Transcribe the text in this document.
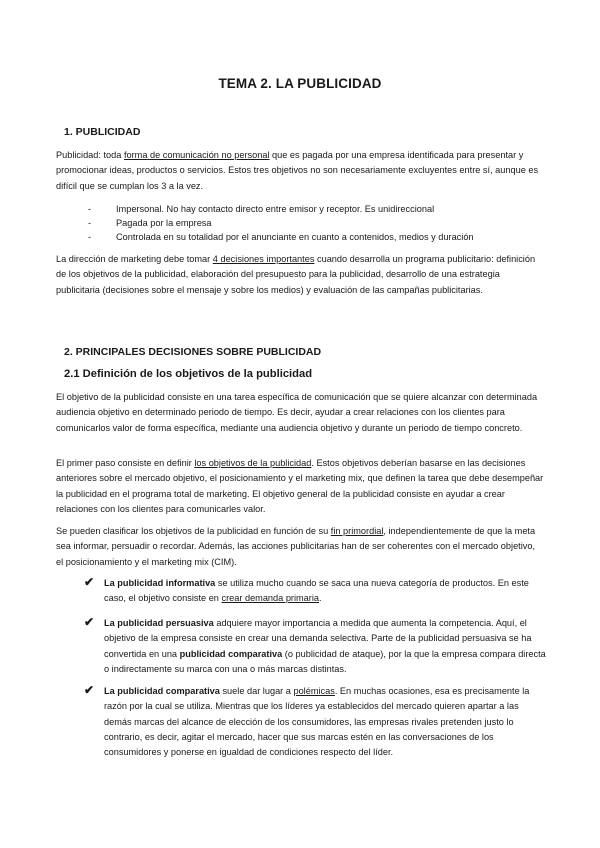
TEMA 2. LA PUBLICIDAD
1. PUBLICIDAD
Publicidad: toda forma de comunicación no personal que es pagada por una empresa identificada para presentar y promocionar ideas, productos o servicios. Estos tres objetivos no son necesariamente excluyentes entre sí, aunque es difícil que se cumplan los 3 a la vez.
-	Impersonal. No hay contacto directo entre emisor y receptor. Es unidireccional
-	Pagada por la empresa
-	Controlada en su totalidad por el anunciante en cuanto a contenidos, medios y duración
La dirección de marketing debe tomar 4 decisiones importantes cuando desarrolla un programa publicitario: definición de los objetivos de la publicidad, elaboración del presupuesto para la publicidad, desarrollo de una estrategia publicitaria (decisiones sobre el mensaje y sobre los medios) y evaluación de las campañas publicitarias.
2. PRINCIPALES DECISIONES SOBRE PUBLICIDAD
2.1 Definición de los objetivos de la publicidad
El objetivo de la publicidad consiste en una tarea específica de comunicación que se quiere alcanzar con determinada audiencia objetivo en determinado periodo de tiempo. Es decir, ayudar a crear relaciones con los clientes para comunicarlos valor de forma específica, mediante una audiencia objetivo y durante un periodo de tiempo concreto.
El primer paso consiste en definir los objetivos de la publicidad. Estos objetivos deberían basarse en las decisiones anteriores sobre el mercado objetivo, el posicionamiento y el marketing mix, que definen la tarea que debe desempeñar la publicidad en el programa total de marketing. El objetivo general de la publicidad consiste en ayudar a crear relaciones con los clientes para comunicarles valor.
Se pueden clasificar los objetivos de la publicidad en función de su fin primordial, independientemente de que la meta sea informar, persuadir o recordar. Además, las acciones publicitarias han de ser coherentes con el mercado objetivo, el posicionamiento y el marketing mix (CIM).
✔ La publicidad informativa se utiliza mucho cuando se saca una nueva categoría de productos. En este caso, el objetivo consiste en crear demanda primaria.
✔ La publicidad persuasiva adquiere mayor importancia a medida que aumenta la competencia. Aquí, el objetivo de la empresa consiste en crear una demanda selectiva. Parte de la publicidad persuasiva se ha convertida en una publicidad comparativa (o publicidad de ataque), por la que la empresa compara directa o indirectamente su marca con una o más marcas distintas.
✔ La publicidad comparativa suele dar lugar a polémicas. En muchas ocasiones, esa es precisamente la razón por la cual se utiliza. Mientras que los líderes ya establecidos del mercado quieren apartar a las demás marcas del alcance de elección de los consumidores, las empresas rivales pretenden justo lo contrario, es decir, agitar el mercado, hacer que sus marcas estén en las conversaciones de los consumidores y ponerse en igualdad de condiciones respecto del líder.
